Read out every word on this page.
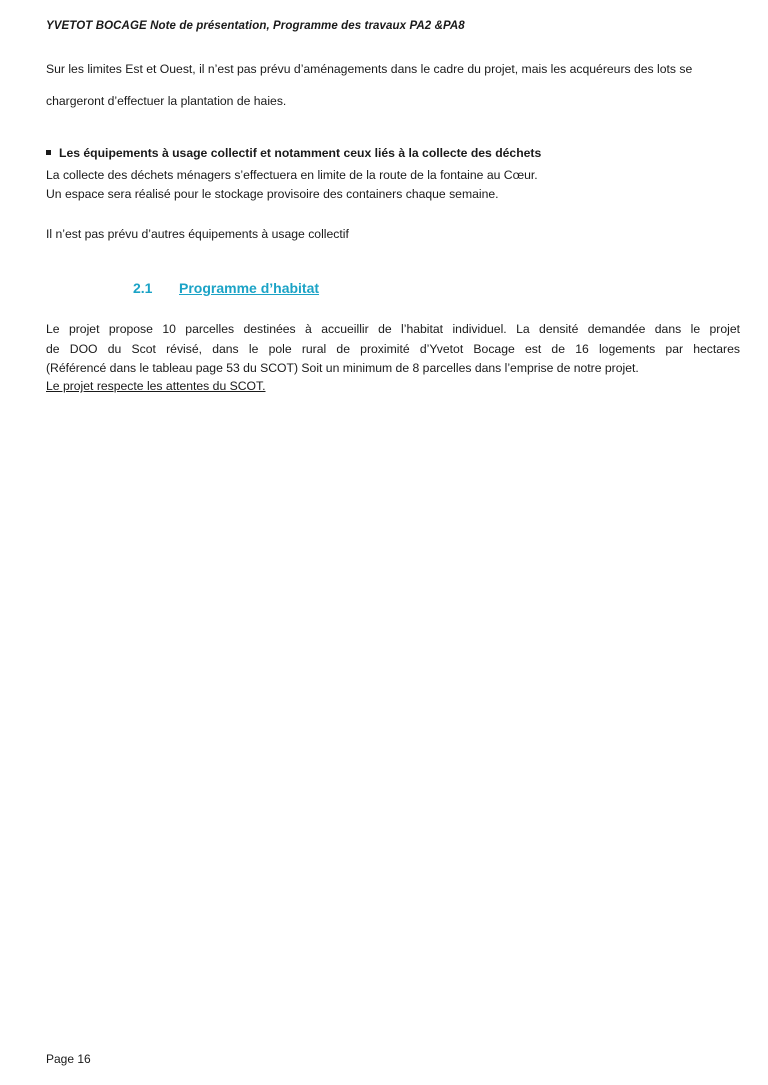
YVETOT BOCAGE Note de présentation, Programme des travaux PA2 &PA8
Sur les limites Est et Ouest, il n’est pas prévu d’aménagements dans le cadre du projet, mais les acquéreurs des lots se
chargeront d’effectuer la plantation de haies.
Les équipements à usage collectif et notamment ceux liés à la collecte des déchets
La collecte des déchets ménagers s’effectuera en limite de la route de la fontaine au Cœur.
Un espace sera réalisé pour le stockage provisoire des containers chaque semaine.
Il n’est pas prévu d’autres équipements à usage collectif
2.1 Programme d’habitat
Le projet propose 10 parcelles destinées à accueillir de l’habitat individuel. La densité demandée dans le projet
de DOO du Scot révisé, dans le pole rural de proximité d’Yvetot Bocage est de 16 logements par hectares
(Référencé dans le tableau page 53 du SCOT) Soit un minimum de 8 parcelles dans l’emprise de notre projet.
Le projet respecte les attentes du SCOT.
Page 16
